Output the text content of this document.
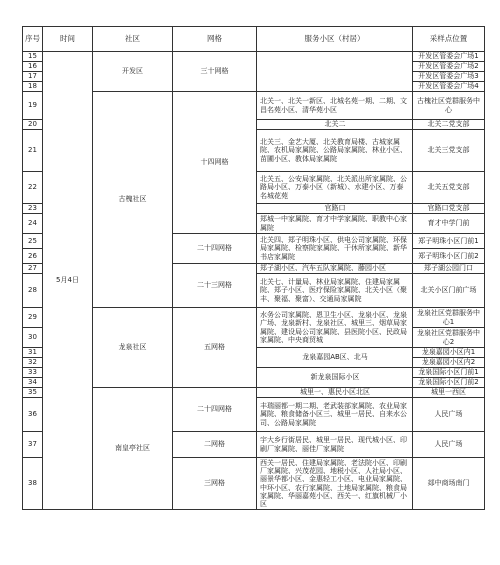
序号	时间	社区	网格	服务小区（村居）	采样点位置
15	5月4日	开发区	三十网格		开发区管委会广场1
16					开发区管委会广场2
17					开发区管委会广场3
18					开发区管委会广场4
19		古槐社区	十四网格	北关一、北关一新区、北城名苑一期、二期、文昌名苑小区、清华苑小区	古槐社区党群服务中心
20				北关二	北关二党支部
21				北关三、金艺大厦、北关教育局楼、古城家属院、农机局家属院、公路局家属院、林业小区、苗圃小区、教体局家属院	北关三党支部
22				北关五、公安局家属院、北关派出所家属院、公路局小区、万泰小区（新城）、水建小区、万泰名城花苑	北关五党支部
23				官路口	官路口党支部
24				郑城一中家属院、育才中学家属院、职教中心家属院	育才中学门前
25			二十四网格	北关四、郑子明珠小区、供电公司家属院、环保局家属院、检察院家属院、干休所家属院、新华书店家属院	郑子明珠小区门前1
26					郑子明珠小区门前2
27			二十三网格	郑子湖小区、汽车五队家属院、藤园小区	郑子湖公园门口
28				北关七、计量局、林业局家属院、住建局家属院、郑子小区、医疗保险家属院、北关小区（聚丰、聚福、聚富）、交通局家属院	北关小区门前广场
29		龙泉社区	五网格	水务公司家属院、恩卫生小区、龙泉小区、龙泉广场、龙泉新村、龙泉社区、城里三、烟草局家属院、建设局公司家属院、县医院小区、民政局家属院、中央商贸城	龙泉社区党群服务中心1
30					龙泉社区党群服务中心2
31				龙泉嘉园AB区、北马	龙泉嘉园小区内1
32					龙泉嘉园小区内2
33				新龙泉国际小区	龙泉国际小区门前1
34					龙泉国际小区门前2
35		南皇亭社区	二十四网格	城里一、惠民小区北区	城里一西区
36				丰瑞丽都一期二期、老武装部家属院、农业局家属院、粮食储备小区三、城里一居民、自来水公司、公路局家属院	人民广场
37			二网格	宇大乡行街居民、城里一居民、现代城小区、印刷厂家属院、丽佳厂家属院	人民广场
38			三网格	西关一居民、住建局家属院、老法院小区、印刷厂家属院、兴茂花园、地税小区、人社局小区、丽景华都小区、金惠轻工小区、电业局家属院、中环小区、农行家属院、土地局家属院、粮食局家属院、华丽嘉苑小区、西关一、红旗机械厂小区	郯中商场南门
